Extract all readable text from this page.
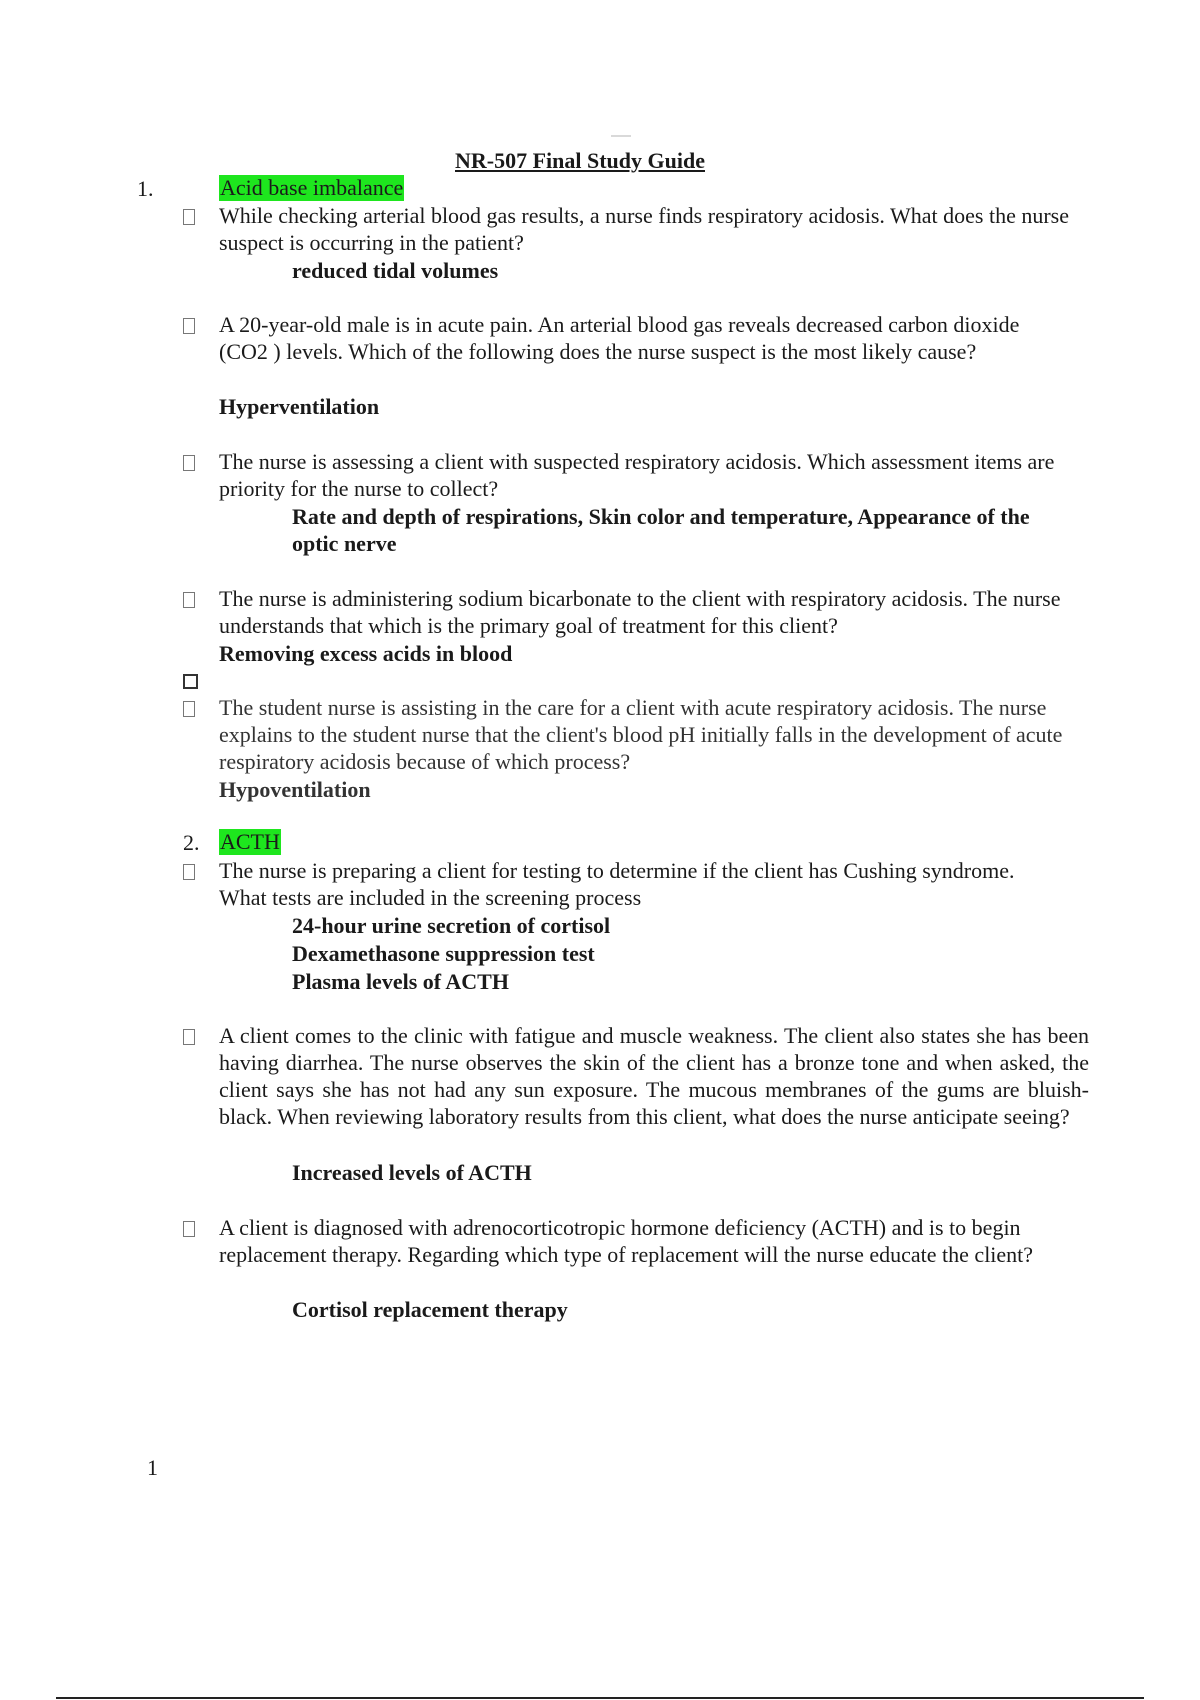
NR-507 Final Study Guide
1.	Acid base imbalance
While checking arterial blood gas results, a nurse finds respiratory acidosis. What does the nurse suspect is occurring in the patient?
reduced tidal volumes
A 20-year-old male is in acute pain. An arterial blood gas reveals decreased carbon dioxide (CO2 ) levels. Which of the following does the nurse suspect is the most likely cause?
Hyperventilation
The nurse is assessing a client with suspected respiratory acidosis. Which assessment items are priority for the nurse to collect?
Rate and depth of respirations, Skin color and temperature, Appearance of the optic nerve
The nurse is administering sodium bicarbonate to the client with respiratory acidosis. The nurse understands that which is the primary goal of treatment for this client?
Removing excess acids in blood
The student nurse is assisting in the care for a client with acute respiratory acidosis. The nurse explains to the student nurse that the client's blood pH initially falls in the development of acute respiratory acidosis because of which process?
Hypoventilation
2. ACTH
The nurse is preparing a client for testing to determine if the client has Cushing syndrome. What tests are included in the screening process
24-hour urine secretion of cortisol
Dexamethasone suppression test
Plasma levels of ACTH
A client comes to the clinic with fatigue and muscle weakness. The client also states she has been having diarrhea. The nurse observes the skin of the client has a bronze tone and when asked, the client says she has not had any sun exposure. The mucous membranes of the gums are bluish-black. When reviewing laboratory results from this client, what does the nurse anticipate seeing?
Increased levels of ACTH
A client is diagnosed with adrenocorticotropic hormone deficiency (ACTH) and is to begin replacement therapy. Regarding which type of replacement will the nurse educate the client?
Cortisol replacement therapy
1
